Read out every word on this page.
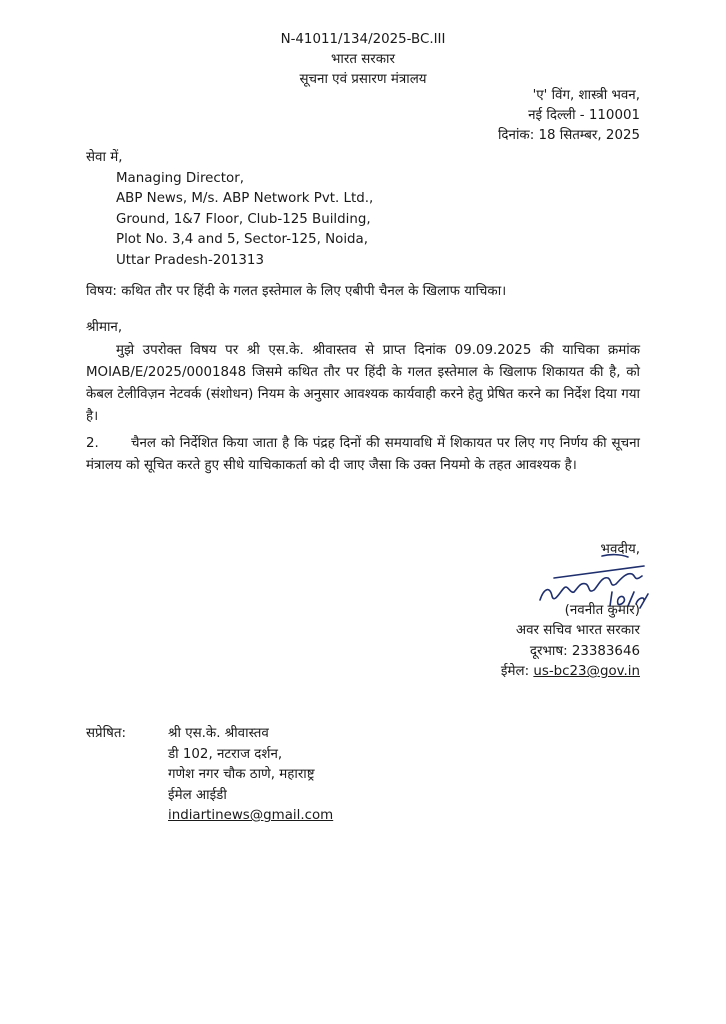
N-41011/134/2025-BC.III
भारत सरकार
सूचना एवं प्रसारण मंत्रालय
'ए' विंग, शास्त्री भवन,
नई दिल्ली - 110001
दिनांक: 18 सितम्बर, 2025
सेवा में,
Managing Director,
ABP News, M/s. ABP Network Pvt. Ltd.,
Ground, 1&7 Floor, Club-125 Building,
Plot No. 3,4 and 5, Sector-125, Noida,
Uttar Pradesh-201313
विषय: कथित तौर पर हिंदी के गलत इस्तेमाल के लिए एबीपी चैनल के खिलाफ याचिका।
श्रीमान,
मुझे उपरोक्त विषय पर श्री एस.के. श्रीवास्तव से प्राप्त दिनांक 09.09.2025 की याचिका क्रमांक MOIAB/E/2025/0001848 जिसमे कथित तौर पर हिंदी के गलत इस्तेमाल के खिलाफ शिकायत की है, को केबल टेलीविज़न नेटवर्क (संशोधन) नियम के अनुसार आवश्यक कार्यवाही करने हेतु प्रेषित करने का निर्देश दिया गया है।
2. चैनल को निर्देशित किया जाता है कि पंद्रह दिनों की समयावधि में शिकायत पर लिए गए निर्णय की सूचना मंत्रालय को सूचित करते हुए सीधे याचिकाकर्ता को दी जाए जैसा कि उक्त नियमो के तहत आवश्यक है।
भवदीय,
(नवनीत कुमार)
अवर सचिव भारत सरकार
दूरभाष: 23383646
ईमेल: us-bc23@gov.in
सप्रेषित:	श्री एस.के. श्रीवास्तव
डी 102, नटराज दर्शन,
गणेश नगर चौक ठाणे, महाराष्ट्र
ईमेल आईडी
indiartinews@gmail.com
